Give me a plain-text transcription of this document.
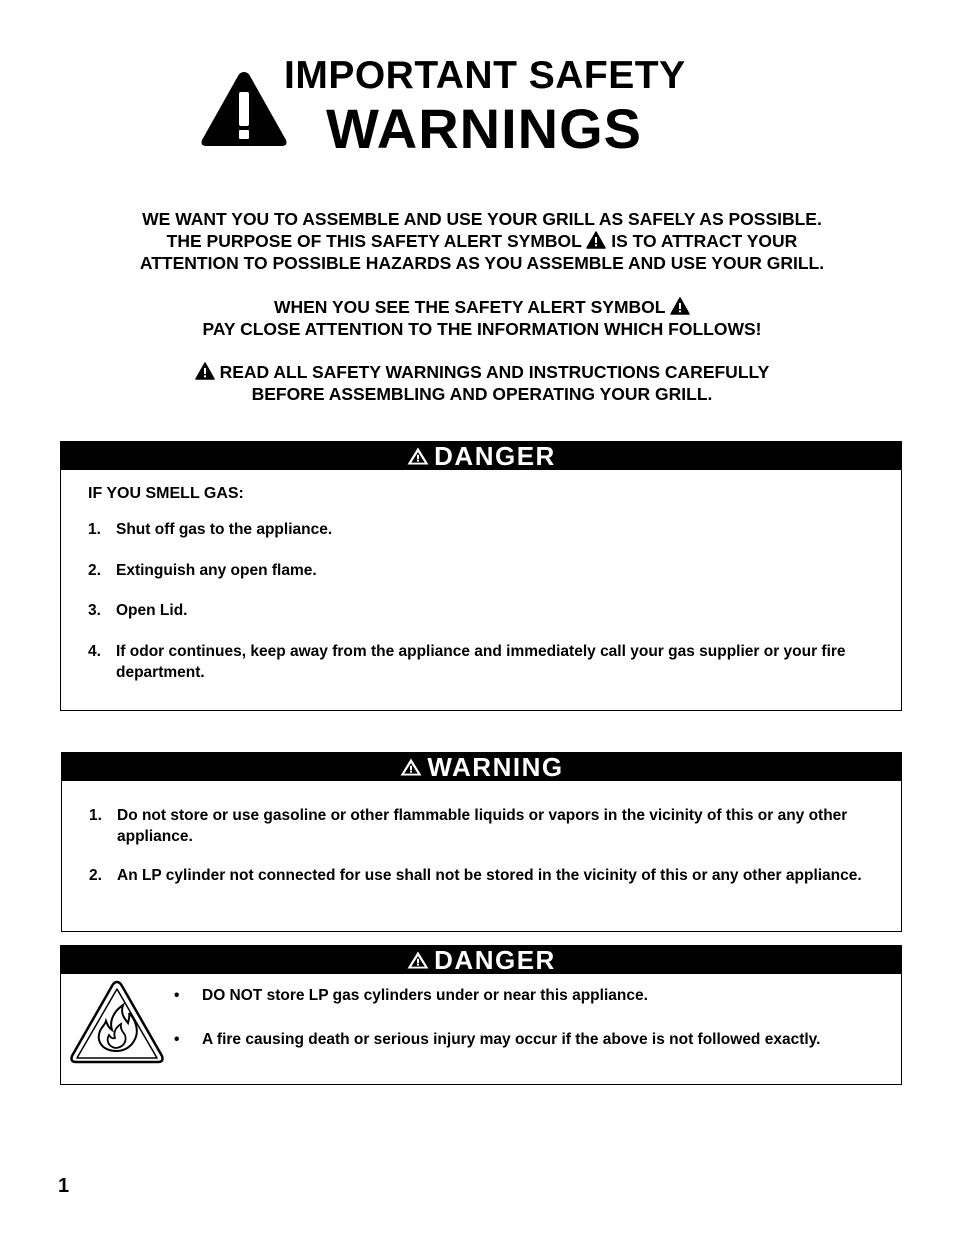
IMPORTANT SAFETY
WARNINGS
WE WANT YOU TO ASSEMBLE AND USE YOUR GRILL AS SAFELY AS POSSIBLE.
THE PURPOSE OF THIS SAFETY ALERT SYMBOL IS TO ATTRACT YOUR
ATTENTION TO POSSIBLE HAZARDS AS YOU ASSEMBLE AND USE YOUR GRILL.
WHEN YOU SEE THE SAFETY ALERT SYMBOL
PAY CLOSE ATTENTION TO THE INFORMATION WHICH FOLLOWS!
READ ALL SAFETY WARNINGS AND INSTRUCTIONS CAREFULLY
BEFORE ASSEMBLING AND OPERATING YOUR GRILL.
DANGER
IF YOU SMELL GAS:
1. Shut off gas to the appliance.
2. Extinguish any open flame.
3. Open Lid.
4. If odor continues, keep away from the appliance and immediately call your gas supplier or your fire department.
WARNING
1. Do not store or use gasoline or other flammable liquids or vapors in the vicinity of this or any other appliance.
2. An LP cylinder not connected for use shall not be stored in the vicinity of this or any other appliance.
DANGER
• DO NOT store LP gas cylinders under or near this appliance.
• A fire causing death or serious injury may occur if the above is not followed exactly.
1
